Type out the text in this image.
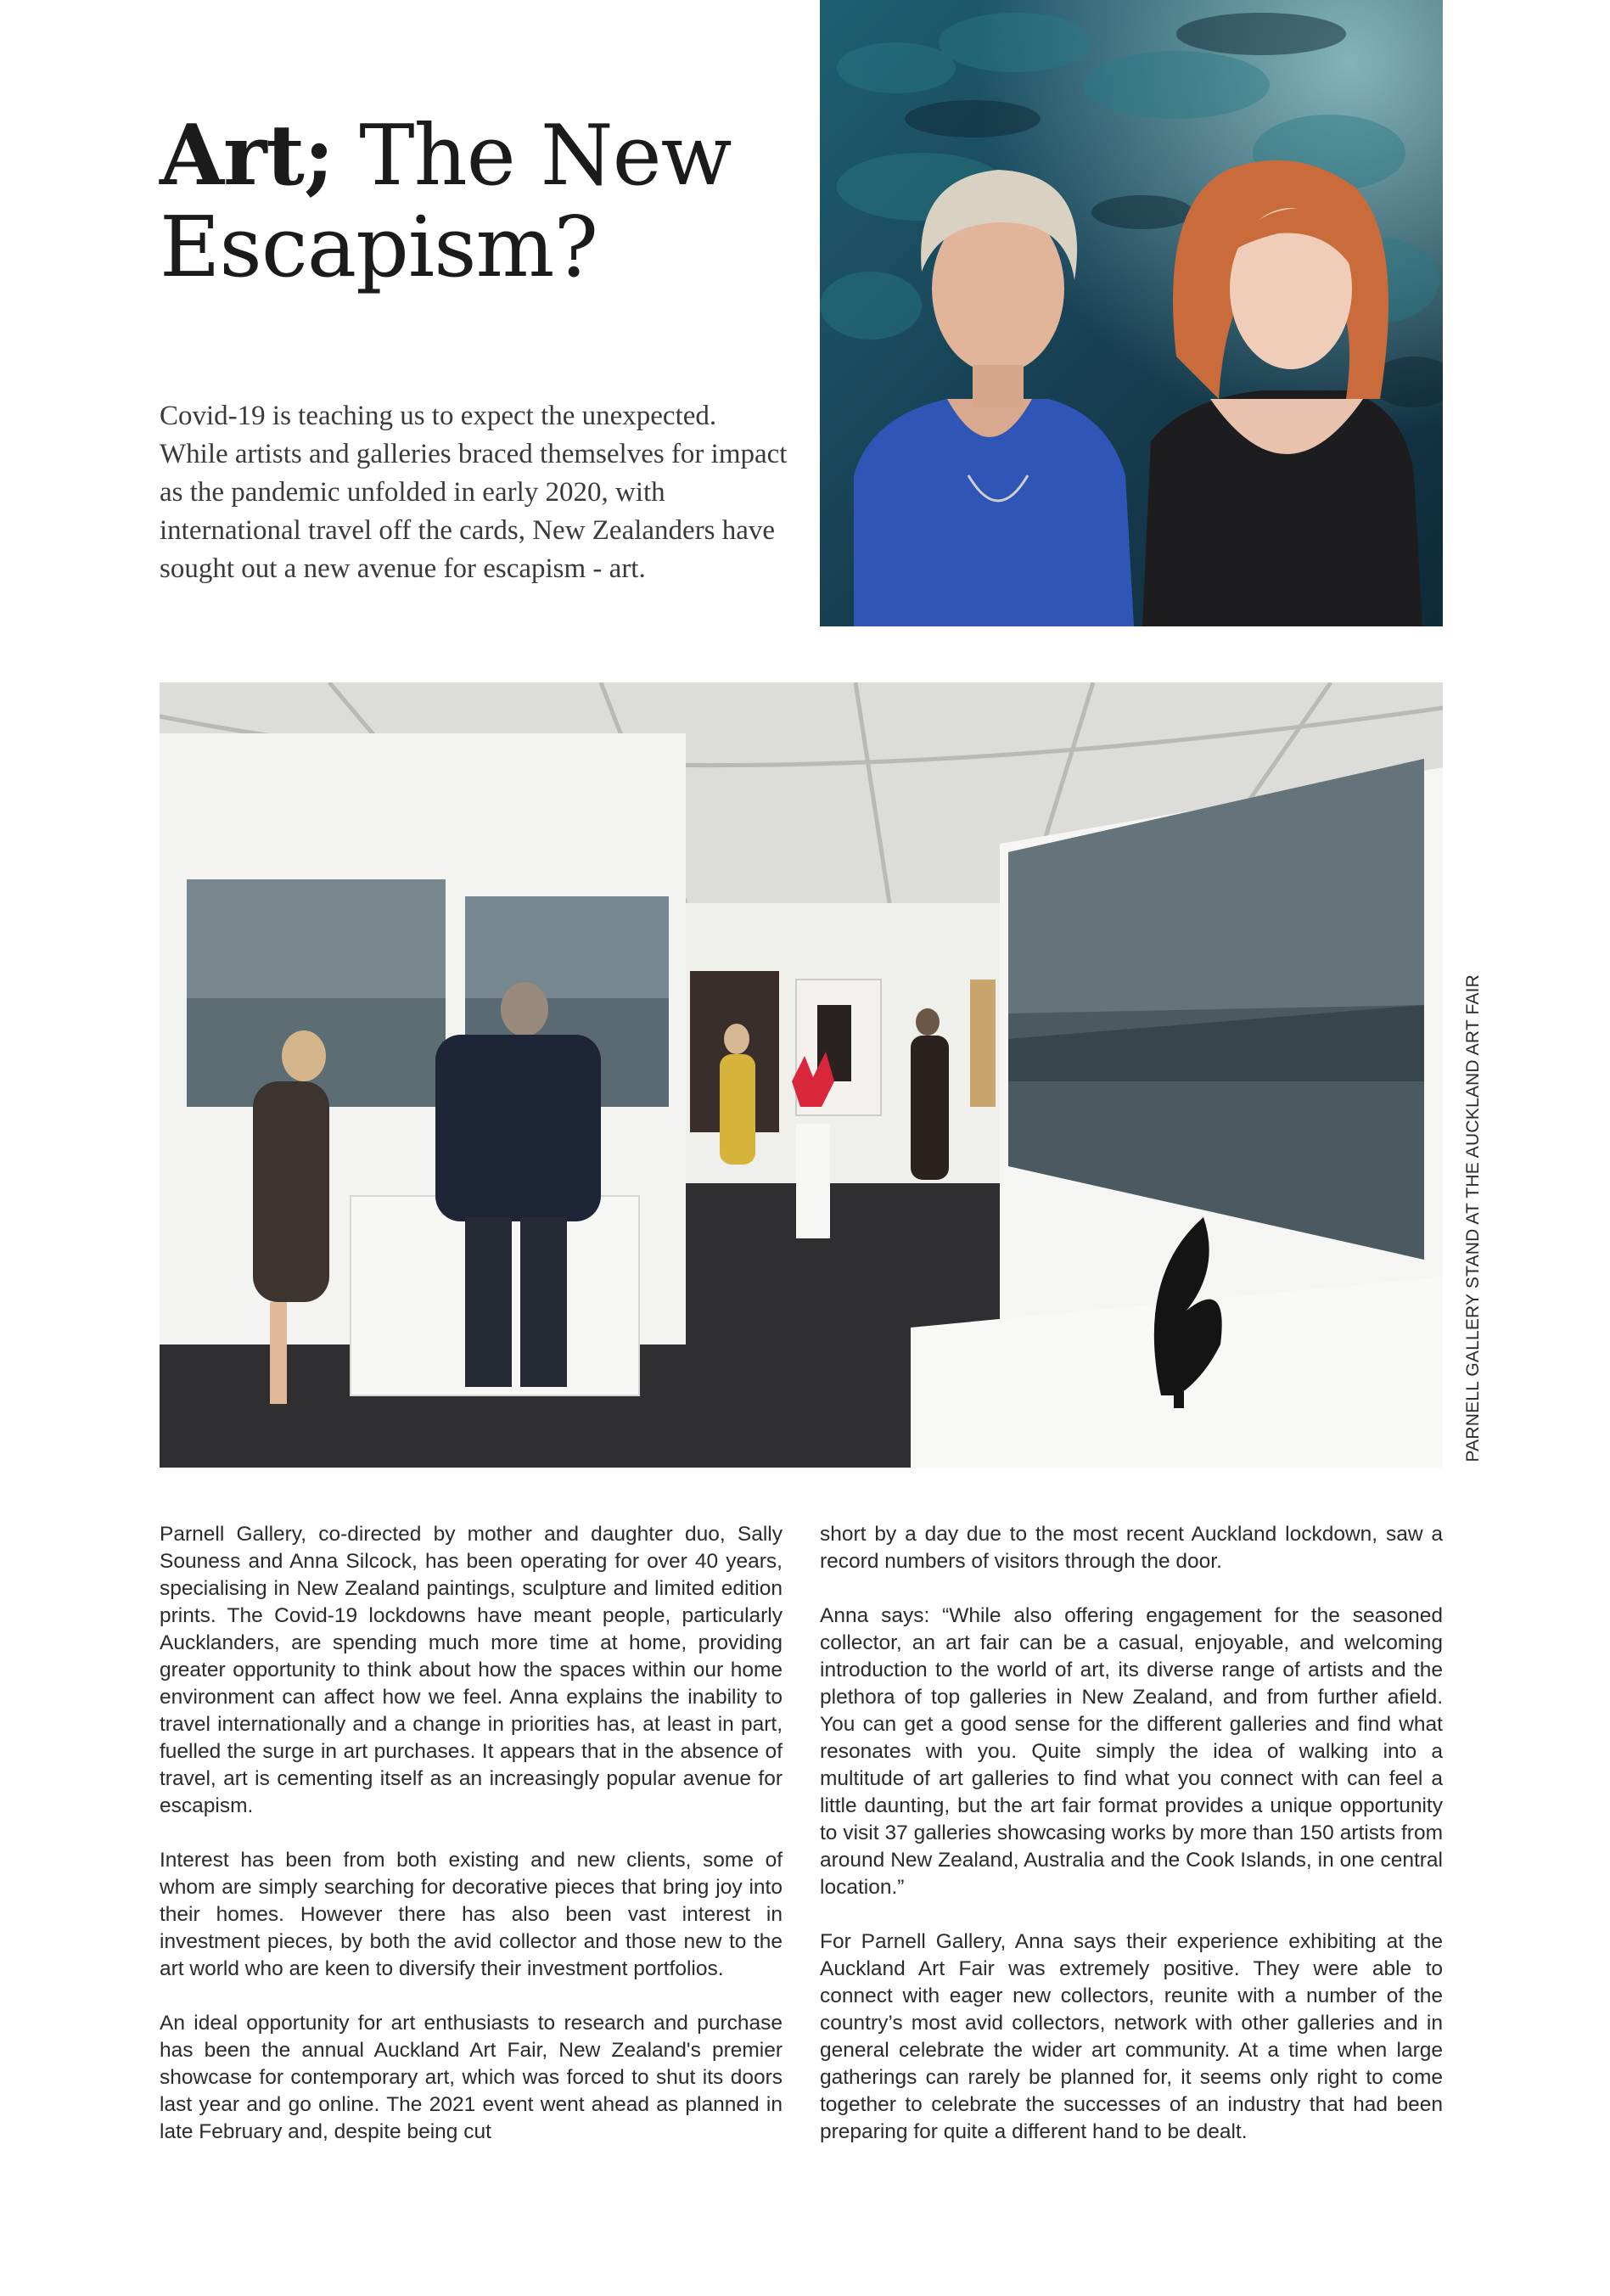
Art; The New Escapism?

Covid-19 is teaching us to expect the unexpected. While artists and galleries braced themselves for impact as the pandemic unfolded in early 2020, with international travel off the cards, New Zealanders have sought out a new avenue for escapism - art.

PARNELL GALLERY STAND AT THE AUCKLAND ART FAIR

Parnell Gallery, co-directed by mother and daughter duo, Sally Souness and Anna Silcock, has been operating for over 40 years, specialising in New Zealand paintings, sculpture and limited edition prints. The Covid-19 lockdowns have meant people, particularly Aucklanders, are spending much more time at home, providing greater opportunity to think about how the spaces within our home environment can affect how we feel. Anna explains the inability to travel internationally and a change in priorities has, at least in part, fuelled the surge in art purchases. It appears that in the absence of travel, art is cementing itself as an increasingly popular avenue for escapism.

Interest has been from both existing and new clients, some of whom are simply searching for decorative pieces that bring joy into their homes. However there has also been vast interest in investment pieces, by both the avid collector and those new to the art world who are keen to diversify their investment portfolios.

An ideal opportunity for art enthusiasts to research and purchase has been the annual Auckland Art Fair, New Zealand's premier showcase for contemporary art, which was forced to shut its doors last year and go online. The 2021 event went ahead as planned in late February and, despite being cut

short by a day due to the most recent Auckland lockdown, saw a record numbers of visitors through the door.

Anna says: “While also offering engagement for the seasoned collector, an art fair can be a casual, enjoyable, and welcoming introduction to the world of art, its diverse range of artists and the plethora of top galleries in New Zealand, and from further afield. You can get a good sense for the different galleries and find what resonates with you. Quite simply the idea of walking into a multitude of art galleries to find what you connect with can feel a little daunting, but the art fair format provides a unique opportunity to visit 37 galleries showcasing works by more than 150 artists from around New Zealand, Australia and the Cook Islands, in one central location.”

For Parnell Gallery, Anna says their experience exhibiting at the Auckland Art Fair was extremely positive. They were able to connect with eager new collectors, reunite with a number of the country’s most avid collectors, network with other galleries and in general celebrate the wider art community. At a time when large gatherings can rarely be planned for, it seems only right to come together to celebrate the successes of an industry that had been preparing for quite a different hand to be dealt.
